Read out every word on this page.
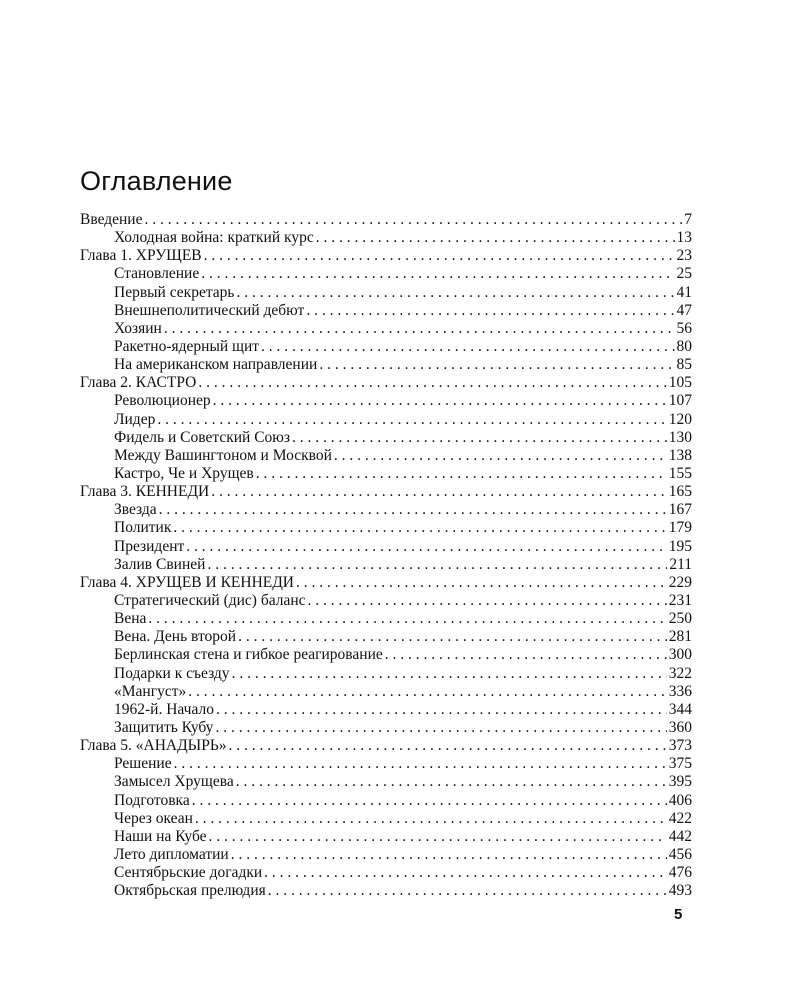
Оглавление
Введение . . .	7
Холодная война: краткий курс . . .	13
Глава 1. ХРУЩЕВ . . .	23
Становление . . .	25
Первый секретарь . . .	41
Внешнеполитический дебют . . .	47
Хозяин . . .	56
Ракетно-ядерный щит . . .	80
На американском направлении . . .	85
Глава 2. КАСТРО . . .	105
Революционер . . .	107
Лидер . . .	120
Фидель и Советский Союз . . .	130
Между Вашингтоном и Москвой . . .	138
Кастро, Че и Хрущев . . .	155
Глава 3. КЕННЕДИ . . .	165
Звезда . . .	167
Политик . . .	179
Президент . . .	195
Залив Свиней . . .	211
Глава 4. ХРУЩЕВ И КЕННЕДИ . . .	229
Стратегический (дис) баланс . . .	231
Вена . . .	250
Вена. День второй . . .	281
Берлинская стена и гибкое реагирование . . .	300
Подарки к съезду . . .	322
«Мангуст» . . .	336
1962-й. Начало . . .	344
Защитить Кубу . . .	360
Глава 5. «АНАДЫРЬ» . . .	373
Решение . . .	375
Замысел Хрущева . . .	395
Подготовка . . .	406
Через океан . . .	422
Наши на Кубе . . .	442
Лето дипломатии . . .	456
Сентябрьские догадки . . .	476
Октябрьская прелюдия . . .	493
5
